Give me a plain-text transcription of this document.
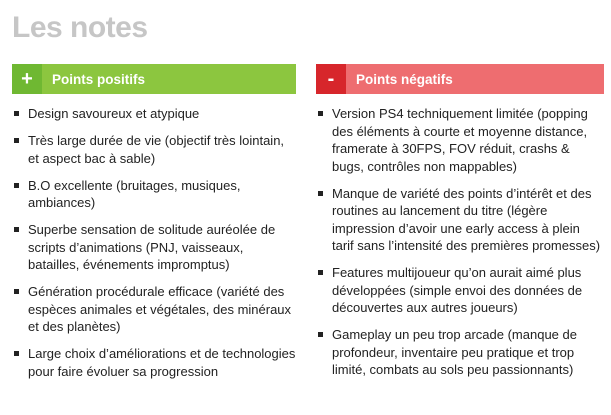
Les notes
+	Points positifs
Design savoureux et atypique
Très large durée de vie (objectif très lointain, et aspect bac à sable)
B.O excellente (bruitages, musiques, ambiances)
Superbe sensation de solitude auréolée de scripts d’animations (PNJ, vaisseaux, batailles, événements impromptus)
Génération procédurale efficace (variété des espèces animales et végétales, des minéraux et des planètes)
Large choix d’améliorations et de technologies pour faire évoluer sa progression
-	Points négatifs
Version PS4 techniquement limitée (popping des éléments à courte et moyenne distance, framerate à 30FPS, FOV réduit, crashs & bugs, contrôles non mappables)
Manque de variété des points d’intérêt et des routines au lancement du titre (légère impression d’avoir une early access à plein tarif sans l’intensité des premières promesses)
Features multijoueur qu’on aurait aimé plus développées (simple envoi des données de découvertes aux autres joueurs)
Gameplay un peu trop arcade (manque de profondeur, inventaire peu pratique et trop limité, combats au sols peu passionnants)
